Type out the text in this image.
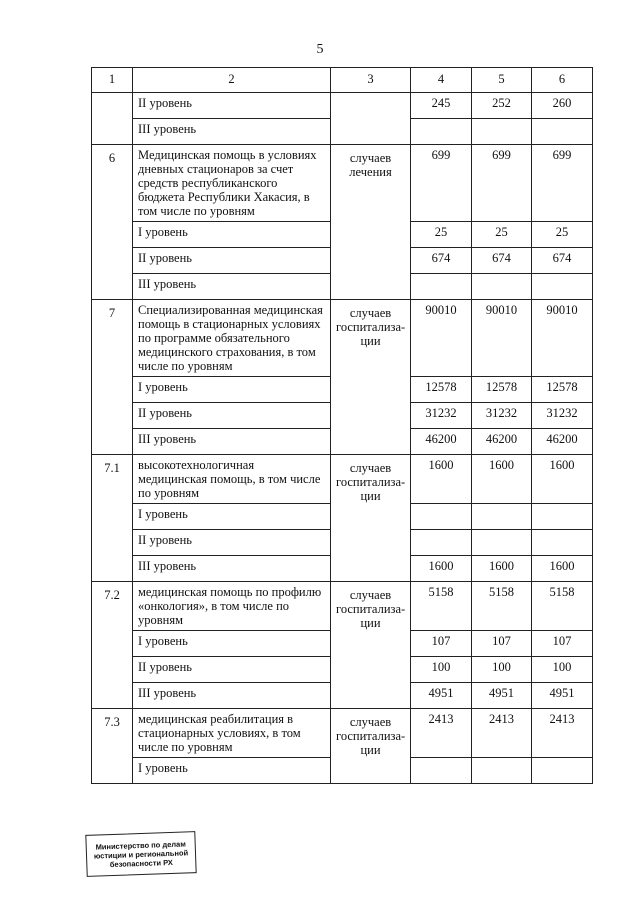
5
1	2	3	4	5	6
	II уровень		245	252	260
	III уровень				
6	Медицинская помощь в условиях дневных стационаров за счет средств республиканского бюджета Республики Хакасия, в том числе по уровням	случаев лечения	699	699	699
	I уровень		25	25	25
	II уровень		674	674	674
	III уровень				
7	Специализированная медицинская помощь в стационарных условиях по программе обязательного медицинского страхования, в том числе по уровням	случаев госпитализа-ции	90010	90010	90010
	I уровень		12578	12578	12578
	II уровень		31232	31232	31232
	III уровень		46200	46200	46200
7.1	высокотехнологичная медицинская помощь, в том числе по уровням	случаев госпитализа-ции	1600	1600	1600
	I уровень				
	II уровень				
	III уровень		1600	1600	1600
7.2	медицинская помощь по профилю «онкология», в том числе по уровням	случаев госпитализа-ции	5158	5158	5158
	I уровень		107	107	107
	II уровень		100	100	100
	III уровень		4951	4951	4951
7.3	медицинская реабилитация в стационарных условиях, в том числе по уровням	случаев госпитализа-ции	2413	2413	2413
	I уровень				
Министерство по делам
юстиции и региональной
безопасности РХ
